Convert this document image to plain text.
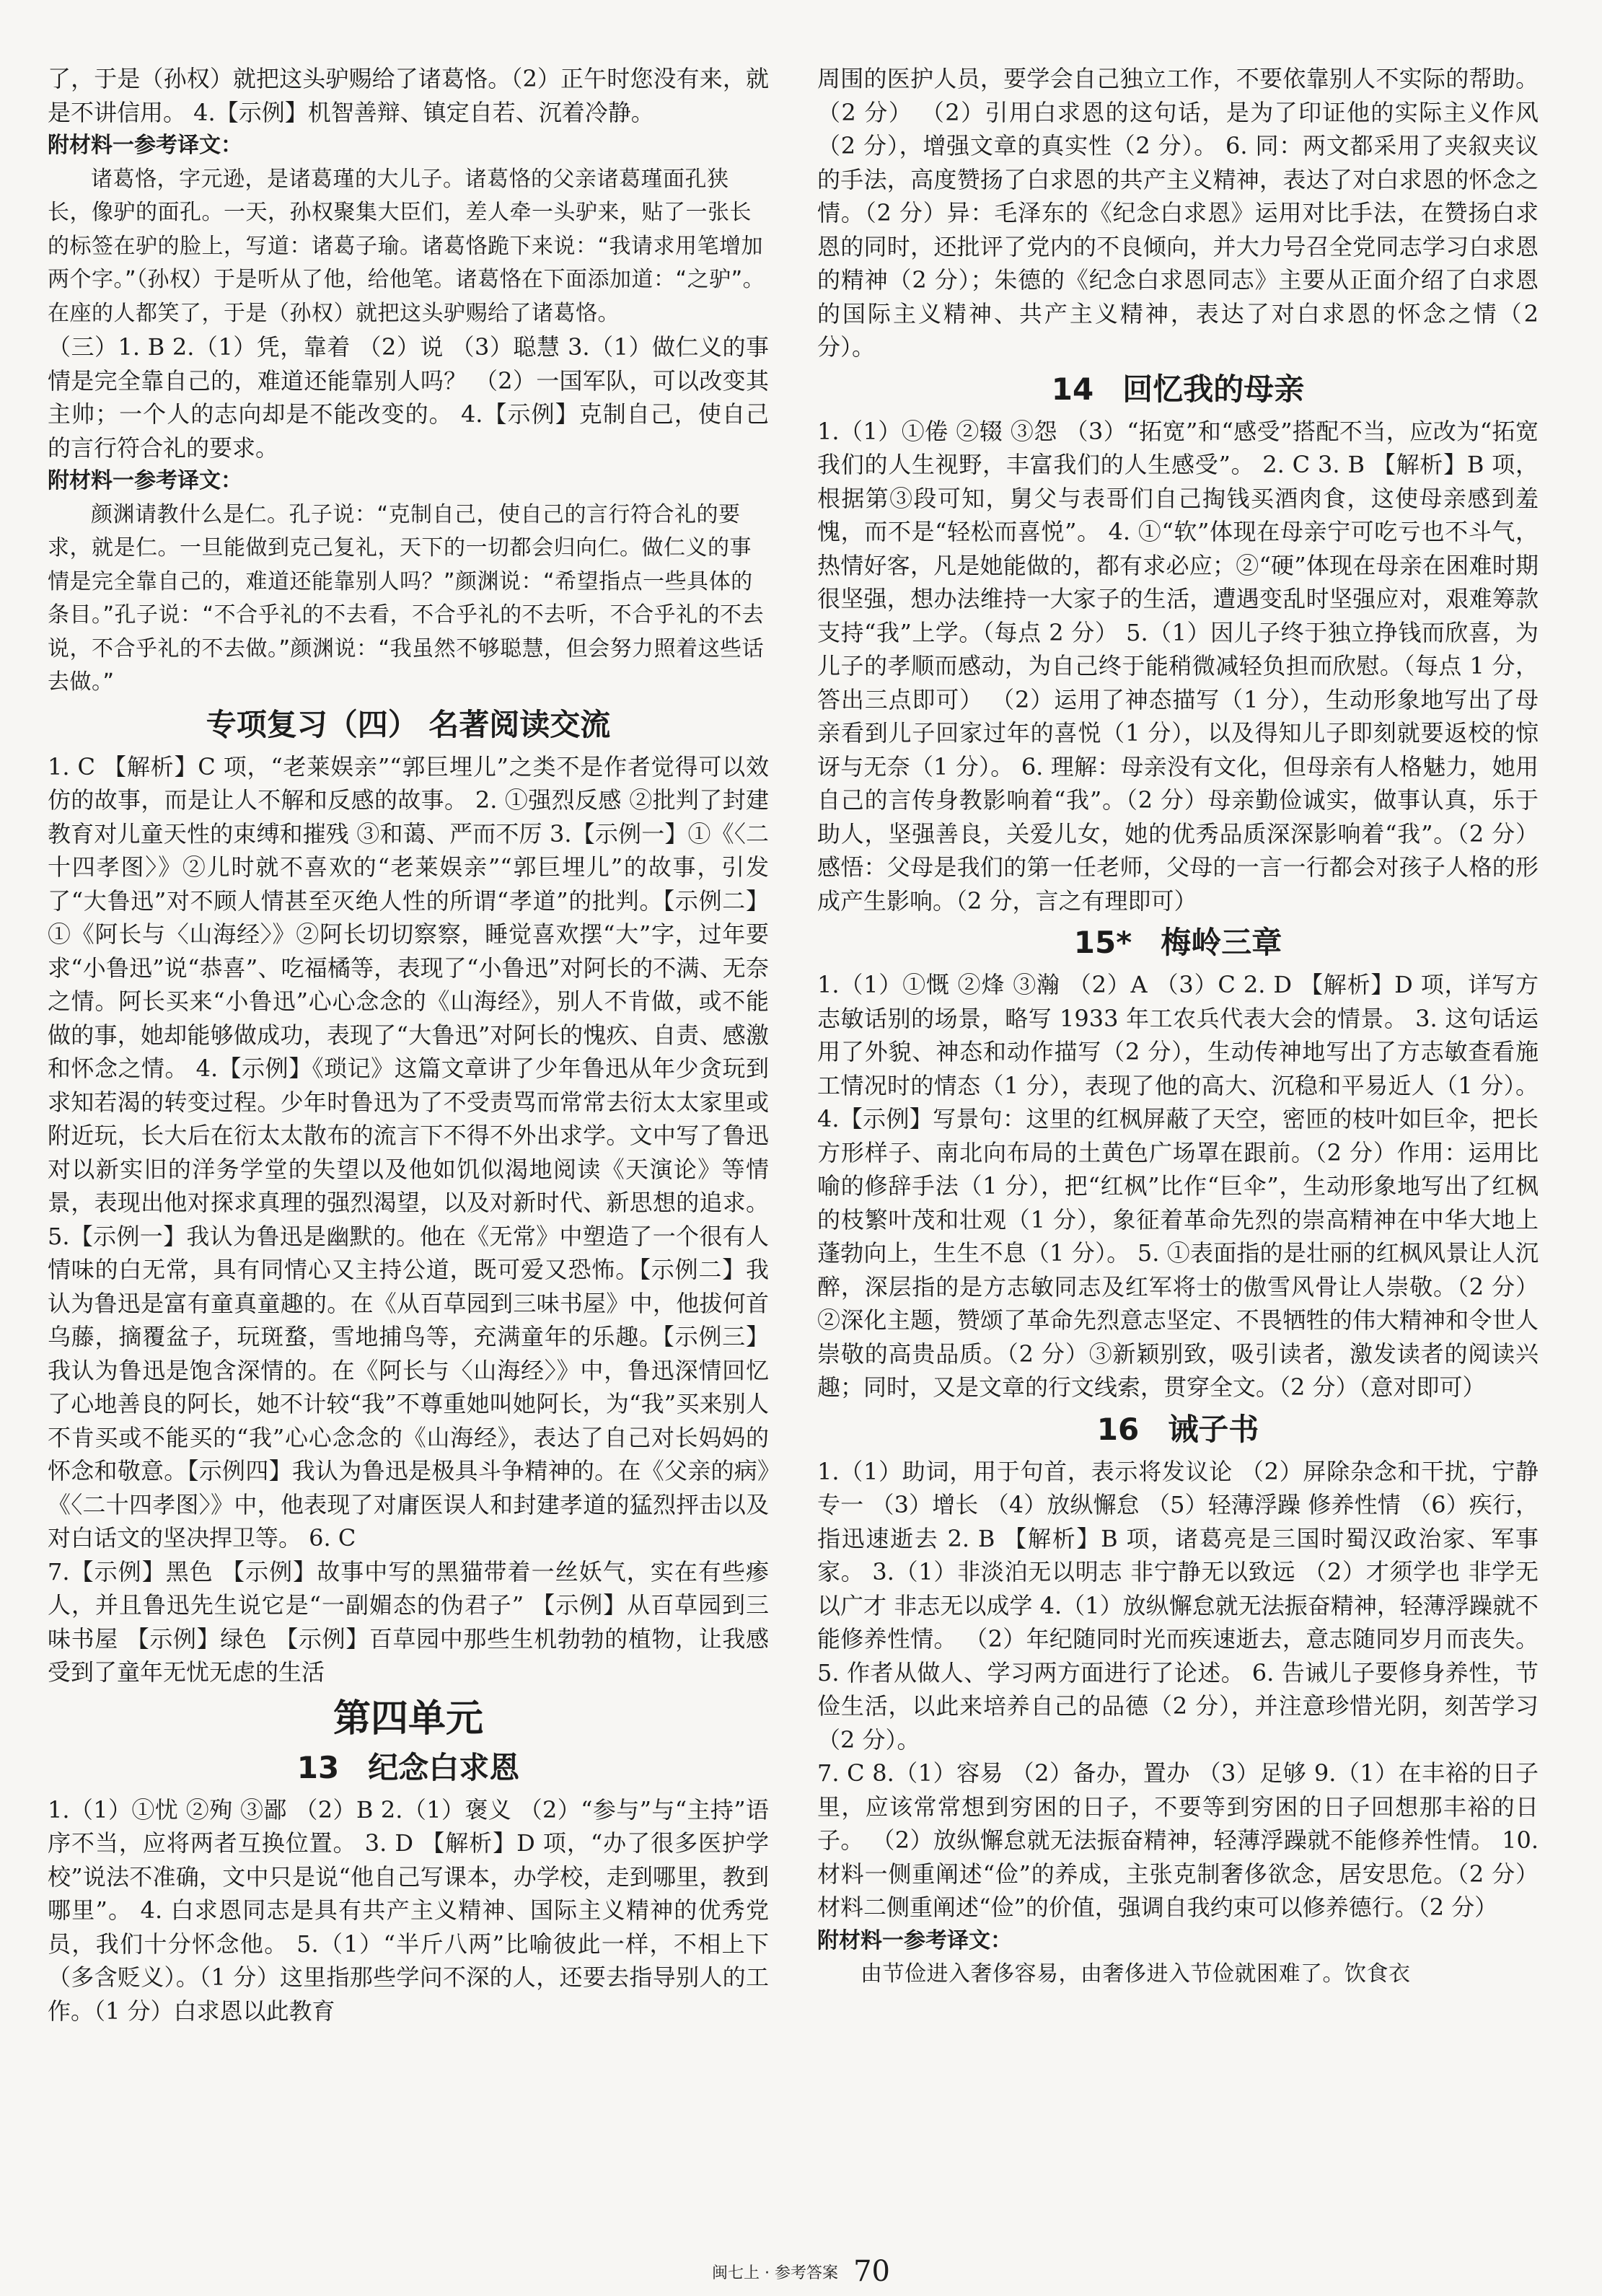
了，于是（孙权）就把这头驴赐给了诸葛恪。（2）正午时您没有来，就是不讲信用。 4.【示例】机智善辩、镇定自若、沉着冷静。

附材料一参考译文：

诸葛恪，字元逊，是诸葛瑾的大儿子。诸葛恪的父亲诸葛瑾面孔狭长，像驴的面孔。一天，孙权聚集大臣们，差人牵一头驴来，贴了一张长的标签在驴的脸上，写道：诸葛子瑜。诸葛恪跪下来说：“我请求用笔增加两个字。”（孙权）于是听从了他，给他笔。诸葛恪在下面添加道：“之驴”。在座的人都笑了，于是（孙权）就把这头驴赐给了诸葛恪。

（三）1. B 2.（1）凭，靠着 （2）说 （3）聪慧 3.（1）做仁义的事情是完全靠自己的，难道还能靠别人吗？ （2）一国军队，可以改变其主帅；一个人的志向却是不能改变的。 4.【示例】克制自己，使自己的言行符合礼的要求。

附材料一参考译文：

颜渊请教什么是仁。孔子说：“克制自己，使自己的言行符合礼的要求，就是仁。一旦能做到克己复礼，天下的一切都会归向仁。做仁义的事情是完全靠自己的，难道还能靠别人吗？”颜渊说：“希望指点一些具体的条目。”孔子说：“不合乎礼的不去看，不合乎礼的不去听，不合乎礼的不去说，不合乎礼的不去做。”颜渊说：“我虽然不够聪慧，但会努力照着这些话去做。”

专项复习（四） 名著阅读交流

1. C 【解析】C 项，“老莱娱亲”“郭巨埋儿”之类不是作者觉得可以效仿的故事，而是让人不解和反感的故事。 2. ①强烈反感 ②批判了封建教育对儿童天性的束缚和摧残 ③和蔼、严而不厉 3.【示例一】①《〈二十四孝图〉》②儿时就不喜欢的“老莱娱亲”“郭巨埋儿”的故事，引发了“大鲁迅”对不顾人情甚至灭绝人性的所谓“孝道”的批判。【示例二】①《阿长与〈山海经〉》②阿长切切察察，睡觉喜欢摆“大”字，过年要求“小鲁迅”说“恭喜”、吃福橘等，表现了“小鲁迅”对阿长的不满、无奈之情。阿长买来“小鲁迅”心心念念的《山海经》，别人不肯做，或不能做的事，她却能够做成功，表现了“大鲁迅”对阿长的愧疚、自责、感激和怀念之情。 4.【示例】《琐记》这篇文章讲了少年鲁迅从年少贪玩到求知若渴的转变过程。少年时鲁迅为了不受责骂而常常去衍太太家里或附近玩，长大后在衍太太散布的流言下不得不外出求学。文中写了鲁迅对以新实旧的洋务学堂的失望以及他如饥似渴地阅读《天演论》等情景，表现出他对探求真理的强烈渴望，以及对新时代、新思想的追求。 5.【示例一】我认为鲁迅是幽默的。他在《无常》中塑造了一个很有人情味的白无常，具有同情心又主持公道，既可爱又恐怖。【示例二】我认为鲁迅是富有童真童趣的。在《从百草园到三味书屋》中，他拔何首乌藤，摘覆盆子，玩斑蝥，雪地捕鸟等，充满童年的乐趣。【示例三】我认为鲁迅是饱含深情的。在《阿长与〈山海经〉》中，鲁迅深情回忆了心地善良的阿长，她不计较“我”不尊重她叫她阿长，为“我”买来别人不肯买或不能买的“我”心心念念的《山海经》，表达了自己对长妈妈的怀念和敬意。【示例四】我认为鲁迅是极具斗争精神的。在《父亲的病》《〈二十四孝图〉》中，他表现了对庸医误人和封建孝道的猛烈抨击以及对白话文的坚决捍卫等。 6. C

7.【示例】黑色 【示例】故事中写的黑猫带着一丝妖气，实在有些瘆人，并且鲁迅先生说它是“一副媚态的伪君子” 【示例】从百草园到三味书屋 【示例】绿色 【示例】百草园中那些生机勃勃的植物，让我感受到了童年无忧无虑的生活

第四单元
13 纪念白求恩

1.（1）①忧 ②殉 ③鄙 （2）B 2.（1）褒义 （2）“参与”与“主持”语序不当，应将两者互换位置。 3. D 【解析】D 项，“办了很多医护学校”说法不准确，文中只是说“他自己写课本，办学校，走到哪里，教到哪里”。 4. 白求恩同志是具有共产主义精神、国际主义精神的优秀党员，我们十分怀念他。 5.（1）“半斤八两”比喻彼此一样，不相上下（多含贬义）。（1 分）这里指那些学问不深的人，还要去指导别人的工作。（1 分）白求恩以此教育

周围的医护人员，要学会自己独立工作，不要依靠别人不实际的帮助。（2 分） （2）引用白求恩的这句话，是为了印证他的实际主义作风（2 分），增强文章的真实性（2 分）。 6. 同：两文都采用了夹叙夹议的手法，高度赞扬了白求恩的共产主义精神，表达了对白求恩的怀念之情。（2 分）异：毛泽东的《纪念白求恩》运用对比手法，在赞扬白求恩的同时，还批评了党内的不良倾向，并大力号召全党同志学习白求恩的精神（2 分）；朱德的《纪念白求恩同志》主要从正面介绍了白求恩的国际主义精神、共产主义精神，表达了对白求恩的怀念之情（2 分）。

14 回忆我的母亲

1.（1）①倦 ②辍 ③怨 （3）“拓宽”和“感受”搭配不当，应改为“拓宽我们的人生视野，丰富我们的人生感受”。 2. C 3. B 【解析】B 项，根据第③段可知，舅父与表哥们自己掏钱买酒肉食，这使母亲感到羞愧，而不是“轻松而喜悦”。 4. ①“软”体现在母亲宁可吃亏也不斗气，热情好客，凡是她能做的，都有求必应；②“硬”体现在母亲在困难时期很坚强，想办法维持一大家子的生活，遭遇变乱时坚强应对，艰难筹款支持“我”上学。（每点 2 分） 5.（1）因儿子终于独立挣钱而欣喜，为儿子的孝顺而感动，为自己终于能稍微减轻负担而欣慰。（每点 1 分，答出三点即可） （2）运用了神态描写（1 分），生动形象地写出了母亲看到儿子回家过年的喜悦（1 分），以及得知儿子即刻就要返校的惊讶与无奈（1 分）。 6. 理解：母亲没有文化，但母亲有人格魅力，她用自己的言传身教影响着“我”。（2 分）母亲勤俭诚实，做事认真，乐于助人，坚强善良，关爱儿女，她的优秀品质深深影响着“我”。（2 分）感悟：父母是我们的第一任老师，父母的一言一行都会对孩子人格的形成产生影响。（2 分，言之有理即可）

15* 梅岭三章

1.（1）①慨 ②烽 ③瀚 （2）A （3）C 2. D 【解析】D 项，详写方志敏话别的场景，略写 1933 年工农兵代表大会的情景。 3. 这句话运用了外貌、神态和动作描写（2 分），生动传神地写出了方志敏查看施工情况时的情态（1 分），表现了他的高大、沉稳和平易近人（1 分）。 4.【示例】写景句：这里的红枫屏蔽了天空，密匝的枝叶如巨伞，把长方形样子、南北向布局的土黄色广场罩在跟前。（2 分）作用：运用比喻的修辞手法（1 分），把“红枫”比作“巨伞”，生动形象地写出了红枫的枝繁叶茂和壮观（1 分），象征着革命先烈的崇高精神在中华大地上蓬勃向上，生生不息（1 分）。 5. ①表面指的是壮丽的红枫风景让人沉醉，深层指的是方志敏同志及红军将士的傲雪风骨让人崇敬。（2 分）②深化主题，赞颂了革命先烈意志坚定、不畏牺牲的伟大精神和令世人崇敬的高贵品质。（2 分）③新颖别致，吸引读者，激发读者的阅读兴趣；同时，又是文章的行文线索，贯穿全文。（2 分）（意对即可）

16 诫子书

1.（1）助词，用于句首，表示将发议论 （2）屏除杂念和干扰，宁静专一 （3）增长 （4）放纵懈怠 （5）轻薄浮躁 修养性情 （6）疾行，指迅速逝去 2. B 【解析】B 项，诸葛亮是三国时蜀汉政治家、军事家。 3.（1）非淡泊无以明志 非宁静无以致远 （2）才须学也 非学无以广才 非志无以成学 4.（1）放纵懈怠就无法振奋精神，轻薄浮躁就不能修养性情。 （2）年纪随同时光而疾速逝去，意志随同岁月而丧失。 5. 作者从做人、学习两方面进行了论述。 6. 告诫儿子要修身养性，节俭生活，以此来培养自己的品德（2 分），并注意珍惜光阴，刻苦学习（2 分）。

7. C 8.（1）容易 （2）备办，置办 （3）足够 9.（1）在丰裕的日子里，应该常常想到穷困的日子，不要等到穷困的日子回想那丰裕的日子。 （2）放纵懈怠就无法振奋精神，轻薄浮躁就不能修养性情。 10. 材料一侧重阐述“俭”的养成，主张克制奢侈欲念，居安思危。（2 分）材料二侧重阐述“俭”的价值，强调自我约束可以修养德行。（2 分）

附材料一参考译文：

由节俭进入奢侈容易，由奢侈进入节俭就困难了。饮食衣

闽七上 · 参考答案 70
